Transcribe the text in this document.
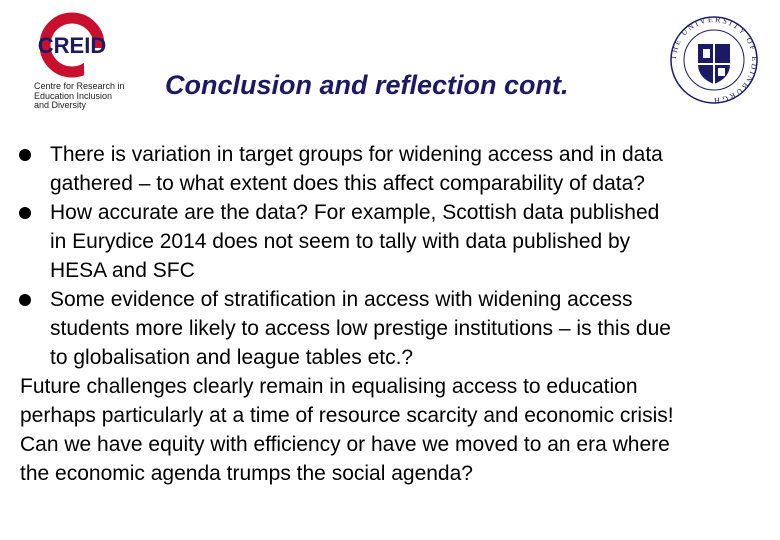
CREID
Centre for Research in
Education Inclusion
and Diversity
THE UNIVERSITY OF EDINBURGH
Conclusion and reflection cont.
There is variation in target groups for widening access and in data
gathered – to what extent does this affect comparability of data?
How accurate are the data? For example, Scottish data published
in Eurydice 2014 does not seem to tally with data published by
HESA and SFC
Some evidence of stratification in access with widening access
students more likely to access low prestige institutions – is this due
to globalisation and league tables etc.?
Future challenges clearly remain in equalising access to education
perhaps particularly at a time of resource scarcity and economic crisis!
Can we have equity with efficiency or have we moved to an era where
the economic agenda trumps the social agenda?
